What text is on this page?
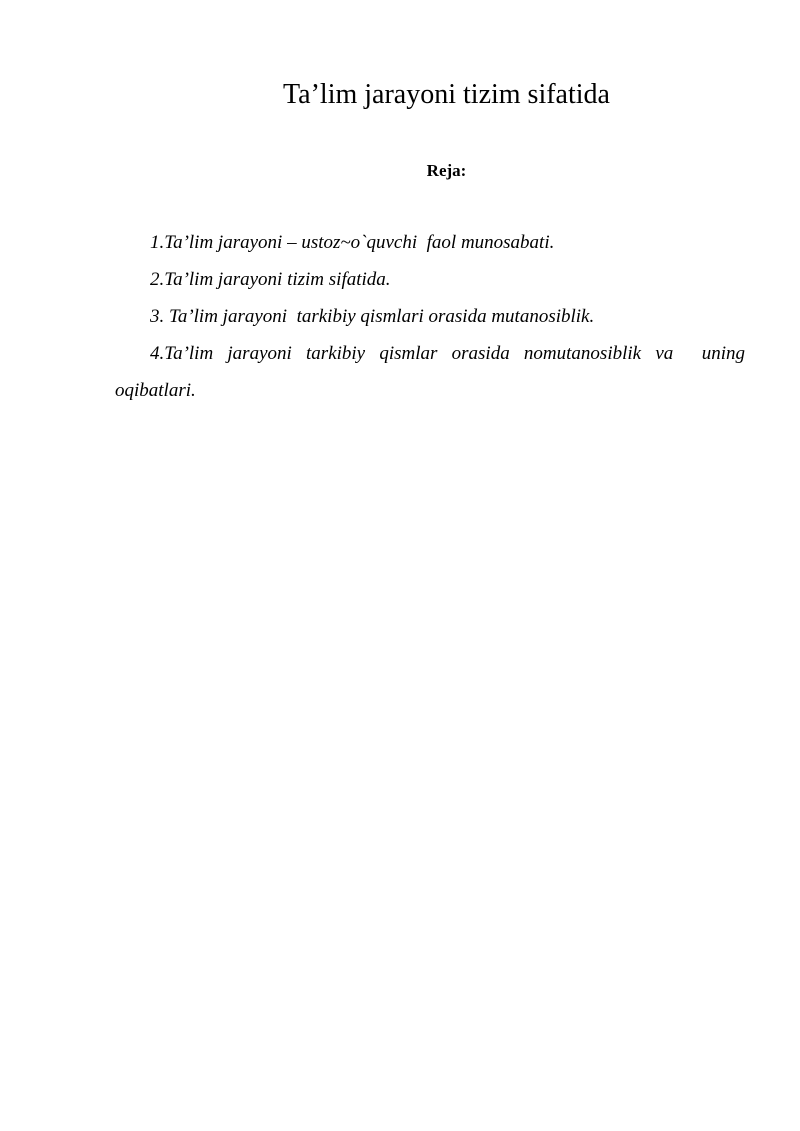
Ta’lim jarayoni tizim sifatida
Reja:
1.Ta’lim jarayoni – ustoz~o`quvchi  faol munosabati.
2.Ta’lim jarayoni tizim sifatida.
3. Ta’lim jarayoni  tarkibiy qismlari orasida mutanosiblik.
4.Ta’lim jarayoni tarkibiy qismlar orasida nomutanosiblik va  uning oqibatlari.
